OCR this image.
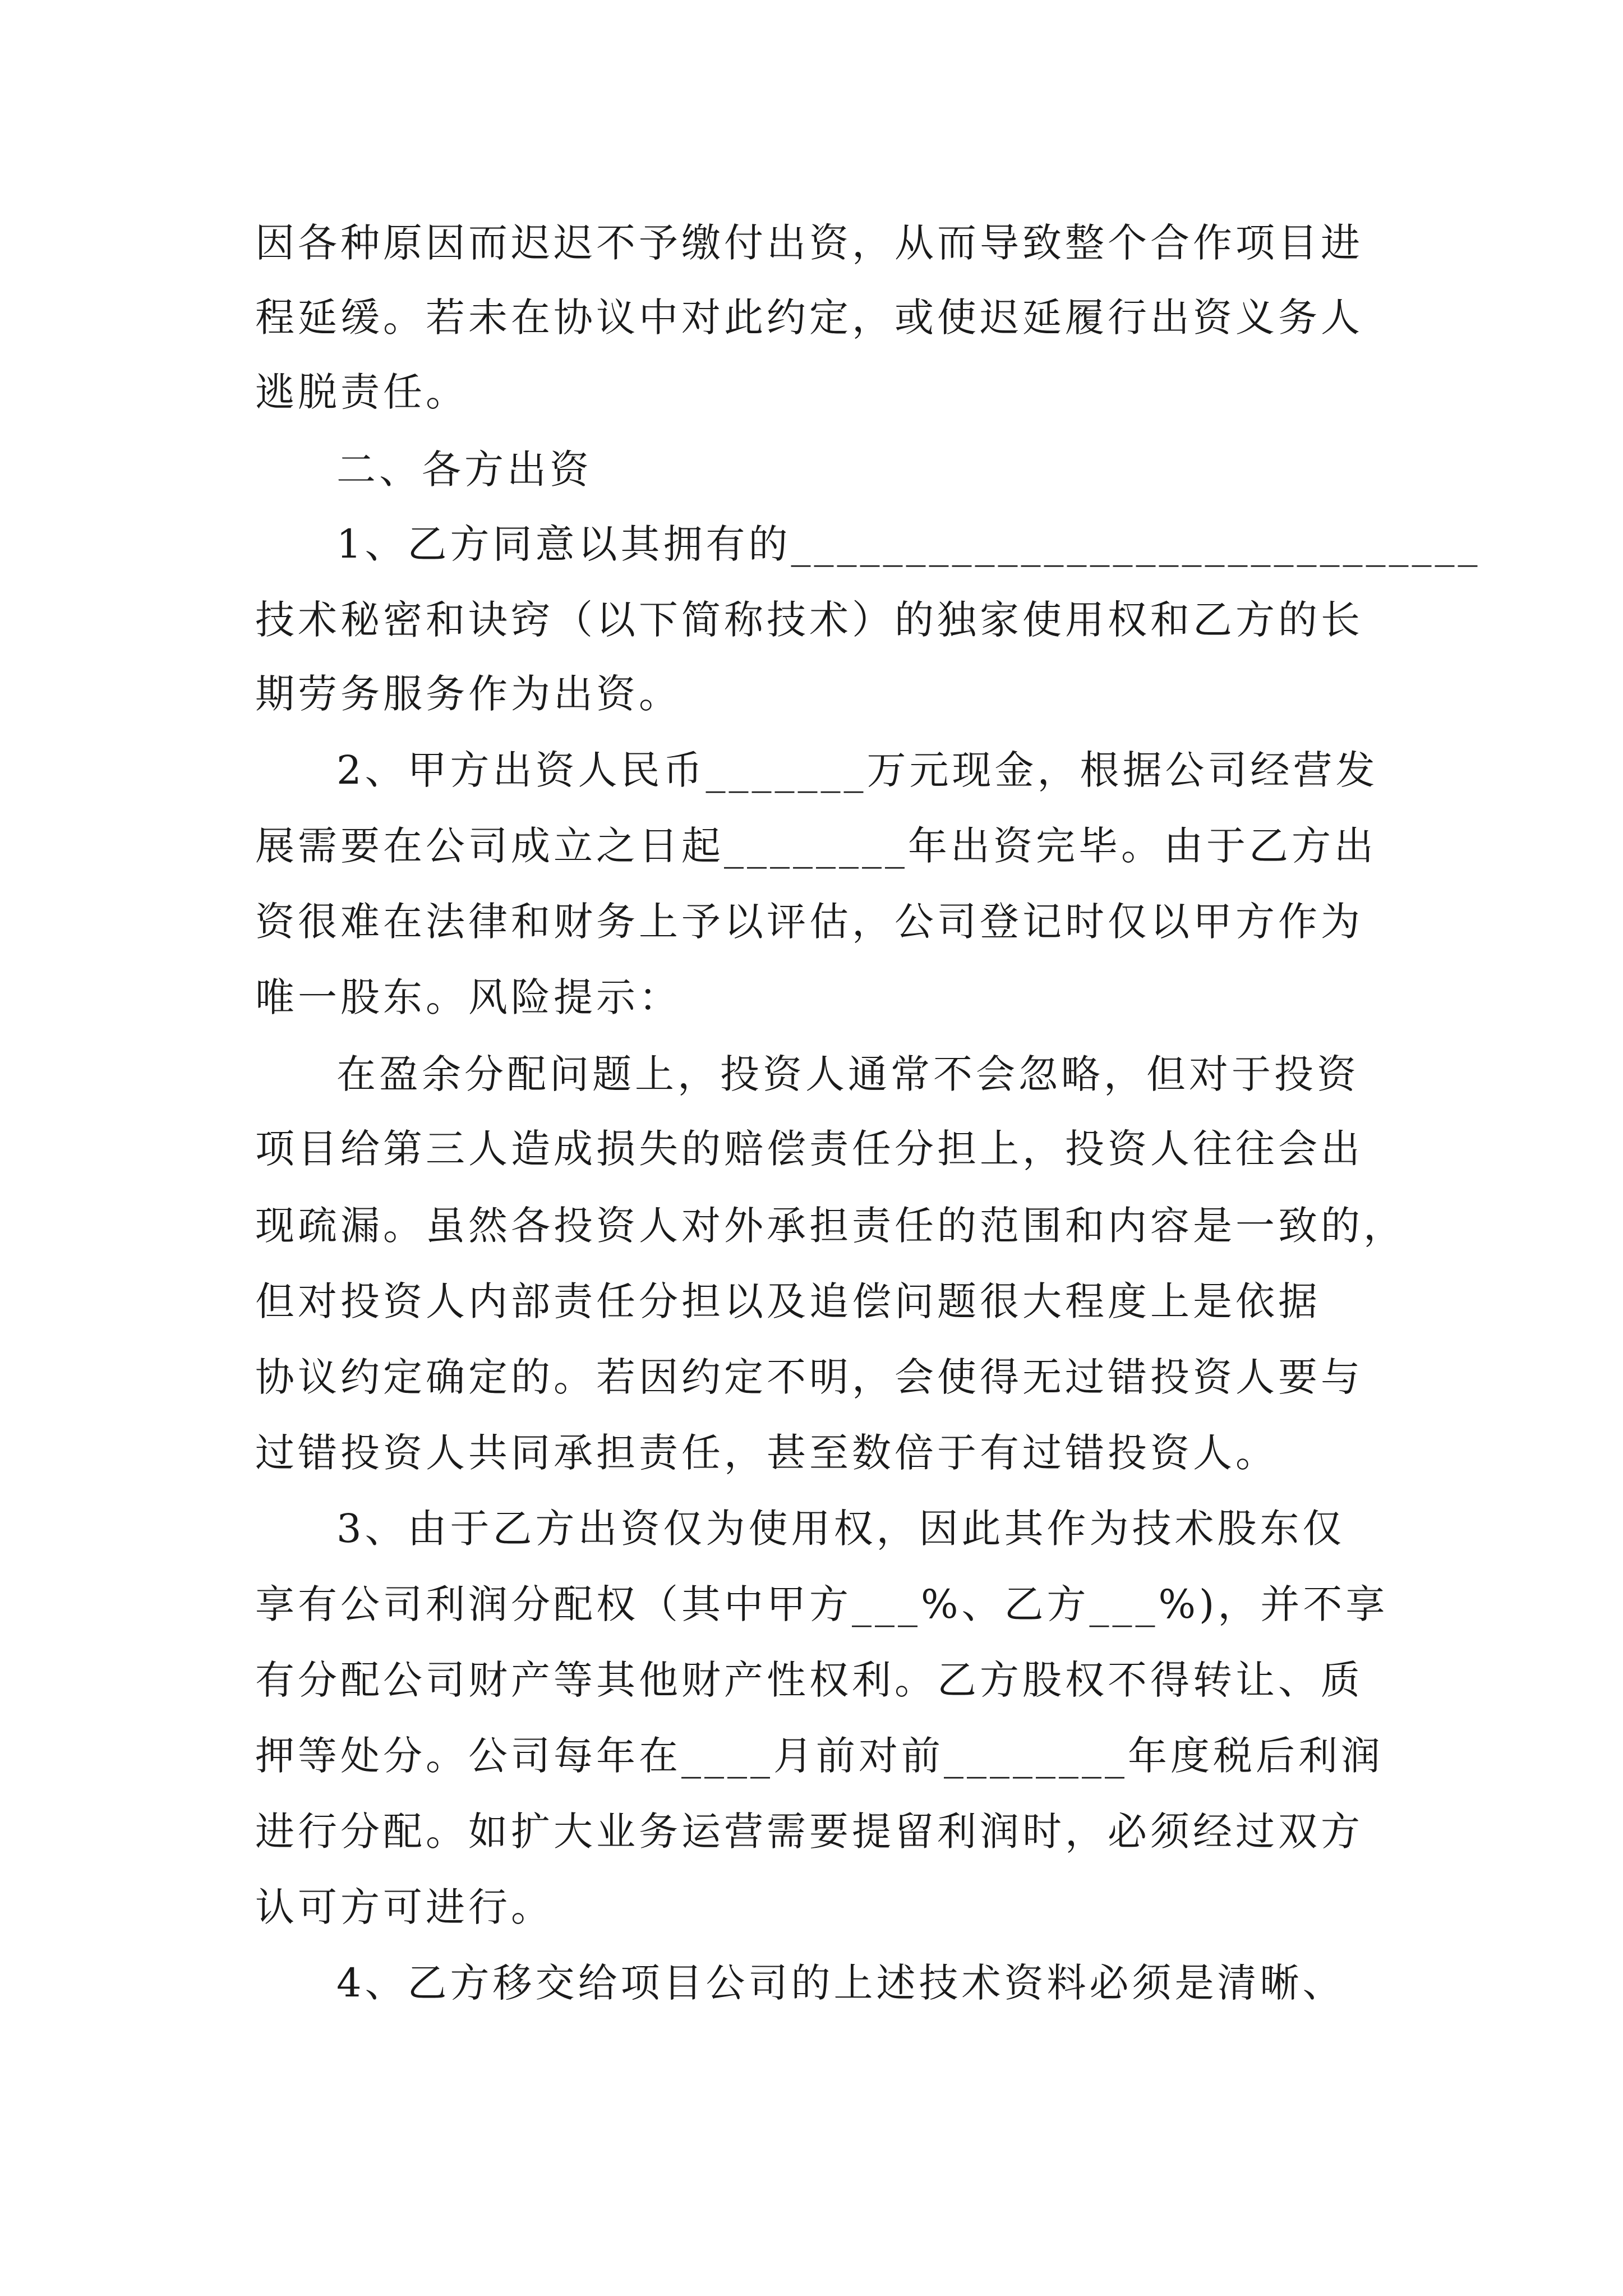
因各种原因而迟迟不予缴付出资，从而导致整个合作项目进
程延缓。若未在协议中对此约定，或使迟延履行出资义务人
逃脱责任。
二、各方出资
1、乙方同意以其拥有的______________________________
技术秘密和诀窍（以下简称技术）的独家使用权和乙方的长
期劳务服务作为出资。
2、甲方出资人民币_______万元现金，根据公司经营发
展需要在公司成立之日起________年出资完毕。由于乙方出
资很难在法律和财务上予以评估，公司登记时仅以甲方作为
唯一股东。风险提示：
在盈余分配问题上，投资人通常不会忽略，但对于投资
项目给第三人造成损失的赔偿责任分担上，投资人往往会出
现疏漏。虽然各投资人对外承担责任的范围和内容是一致的，
但对投资人内部责任分担以及追偿问题很大程度上是依据
协议约定确定的。若因约定不明，会使得无过错投资人要与
过错投资人共同承担责任，甚至数倍于有过错投资人。
3、由于乙方出资仅为使用权，因此其作为技术股东仅
享有公司利润分配权（其中甲方___%、乙方___%)，并不享
有分配公司财产等其他财产性权利。乙方股权不得转让、质
押等处分。公司每年在____月前对前________年度税后利润
进行分配。如扩大业务运营需要提留利润时，必须经过双方
认可方可进行。
4、乙方移交给项目公司的上述技术资料必须是清晰、
